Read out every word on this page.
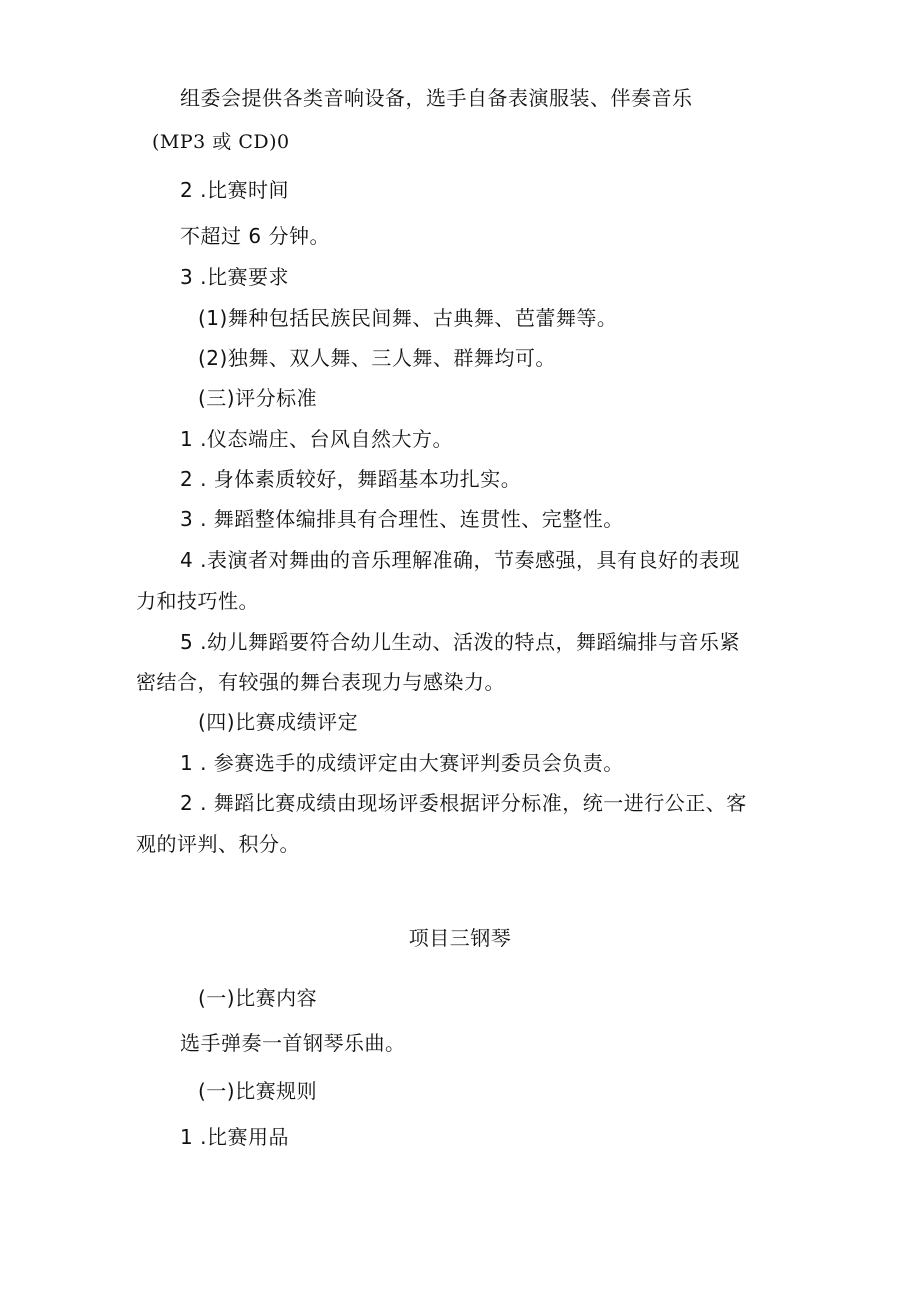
组委会提供各类音响设备，选手自备表演服装、伴奏音乐
(MP3 或 CD)0
2 .比赛时间
不超过 6 分钟。
3 .比赛要求
(1)舞种包括民族民间舞、古典舞、芭蕾舞等。
(2)独舞、双人舞、三人舞、群舞均可。
(三)评分标准
1 .仪态端庄、台风自然大方。
2 . 身体素质较好，舞蹈基本功扎实。
3 . 舞蹈整体编排具有合理性、连贯性、完整性。
4 .表演者对舞曲的音乐理解准确，节奏感强，具有良好的表现
力和技巧性。
5 .幼儿舞蹈要符合幼儿生动、活泼的特点，舞蹈编排与音乐紧
密结合，有较强的舞台表现力与感染力。
(四)比赛成绩评定
1 . 参赛选手的成绩评定由大赛评判委员会负责。
2 . 舞蹈比赛成绩由现场评委根据评分标准，统一进行公正、客
观的评判、积分。
项目三钢琴
(一)比赛内容
选手弹奏一首钢琴乐曲。
(一)比赛规则
1 .比赛用品
